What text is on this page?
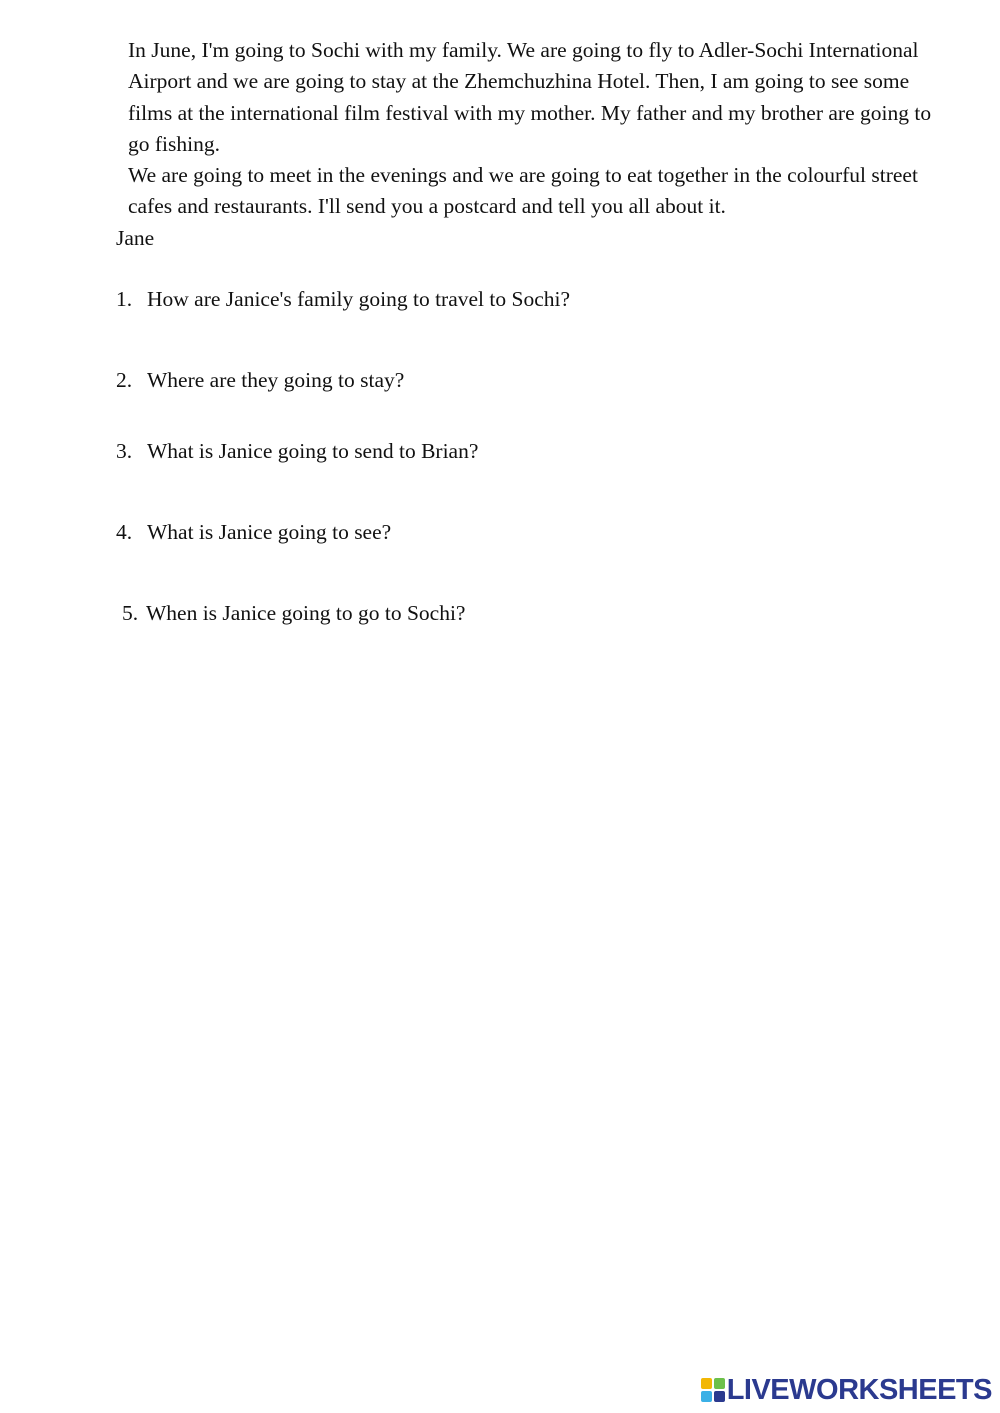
In June, I'm going to Sochi with my family. We are going to fly to Adler-Sochi International Airport and we are going to stay at the Zhemchuzhina Hotel. Then, I am going to see some films at the international film festival with my mother. My father and my brother are going to go fishing.

We are going to meet in the evenings and we are going to eat together in the colourful street cafes and restaurants. I'll send you a postcard and tell you all about it.

Jane

1. How are Janice's family going to travel to Sochi?
2. Where are they going to stay?
3. What is Janice going to send to Brian?
4. What is Janice going to see?
5. When is Janice going to go to Sochi?
LIVEWORKSHEETS
